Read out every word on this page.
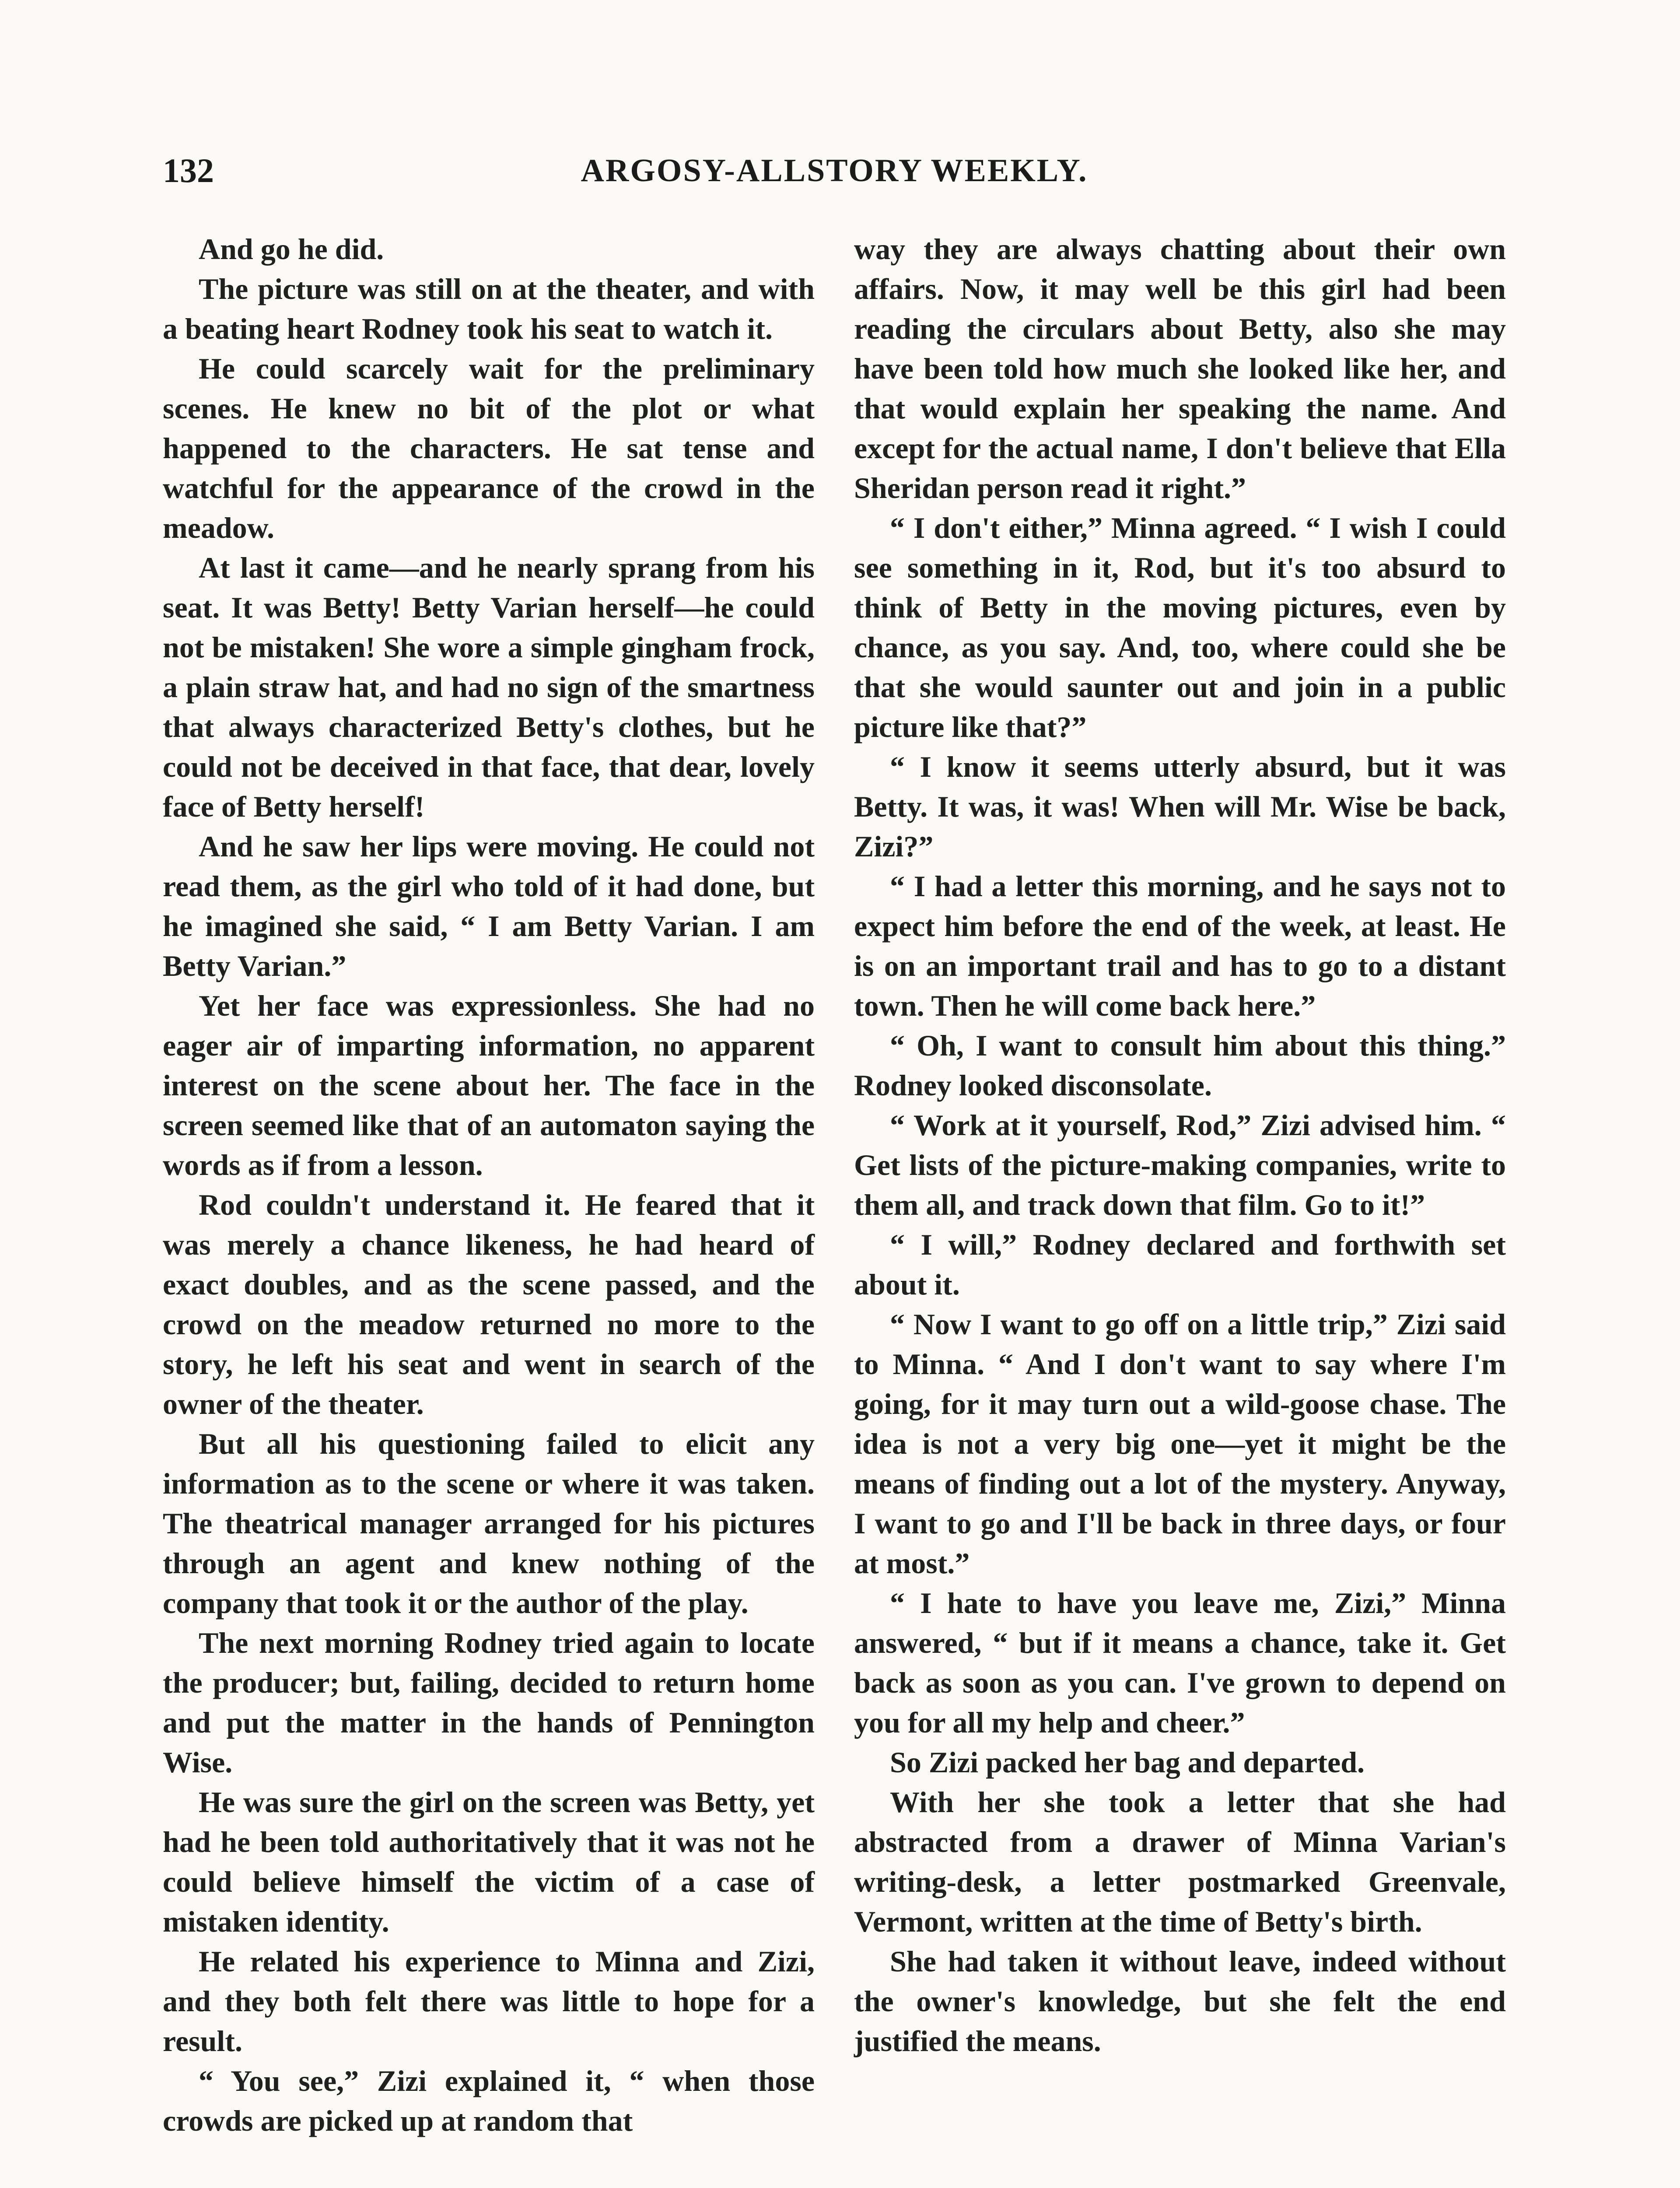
132	ARGOSY-ALLSTORY WEEKLY.

And go he did.

The picture was still on at the theater, and with a beating heart Rodney took his seat to watch it.

He could scarcely wait for the preliminary scenes. He knew no bit of the plot or what happened to the characters. He sat tense and watchful for the appearance of the crowd in the meadow.

At last it came—and he nearly sprang from his seat. It was Betty! Betty Varian herself—he could not be mistaken! She wore a simple gingham frock, a plain straw hat, and had no sign of the smartness that always characterized Betty's clothes, but he could not be deceived in that face, that dear, lovely face of Betty herself!

And he saw her lips were moving. He could not read them, as the girl who told of it had done, but he imagined she said, “ I am Betty Varian. I am Betty Varian.”

Yet her face was expressionless. She had no eager air of imparting information, no apparent interest on the scene about her. The face in the screen seemed like that of an automaton saying the words as if from a lesson.

Rod couldn't understand it. He feared that it was merely a chance likeness, he had heard of exact doubles, and as the scene passed, and the crowd on the meadow returned no more to the story, he left his seat and went in search of the owner of the theater.

But all his questioning failed to elicit any information as to the scene or where it was taken. The theatrical manager arranged for his pictures through an agent and knew nothing of the company that took it or the author of the play.

The next morning Rodney tried again to locate the producer; but, failing, decided to return home and put the matter in the hands of Pennington Wise.

He was sure the girl on the screen was Betty, yet had he been told authoritatively that it was not he could believe himself the victim of a case of mistaken identity.

He related his experience to Minna and Zizi, and they both felt there was little to hope for a result.

“ You see,” Zizi explained it, “ when those crowds are picked up at random that

way they are always chatting about their own affairs. Now, it may well be this girl had been reading the circulars about Betty, also she may have been told how much she looked like her, and that would explain her speaking the name. And except for the actual name, I don't believe that Ella Sheridan person read it right.”

“ I don't either,” Minna agreed. “ I wish I could see something in it, Rod, but it's too absurd to think of Betty in the moving pictures, even by chance, as you say. And, too, where could she be that she would saunter out and join in a public picture like that?”

“ I know it seems utterly absurd, but it was Betty. It was, it was! When will Mr. Wise be back, Zizi?”

“ I had a letter this morning, and he says not to expect him before the end of the week, at least. He is on an important trail and has to go to a distant town. Then he will come back here.”

“ Oh, I want to consult him about this thing.” Rodney looked disconsolate.

“ Work at it yourself, Rod,” Zizi advised him. “ Get lists of the picture-making companies, write to them all, and track down that film. Go to it!”

“ I will,” Rodney declared and forthwith set about it.

“ Now I want to go off on a little trip,” Zizi said to Minna. “ And I don't want to say where I'm going, for it may turn out a wild-goose chase. The idea is not a very big one—yet it might be the means of finding out a lot of the mystery. Anyway, I want to go and I'll be back in three days, or four at most.”

“ I hate to have you leave me, Zizi,” Minna answered, “ but if it means a chance, take it. Get back as soon as you can. I've grown to depend on you for all my help and cheer.”

So Zizi packed her bag and departed.

With her she took a letter that she had abstracted from a drawer of Minna Varian's writing-desk, a letter postmarked Greenvale, Vermont, written at the time of Betty's birth.

She had taken it without leave, indeed without the owner's knowledge, but she felt the end justified the means.
